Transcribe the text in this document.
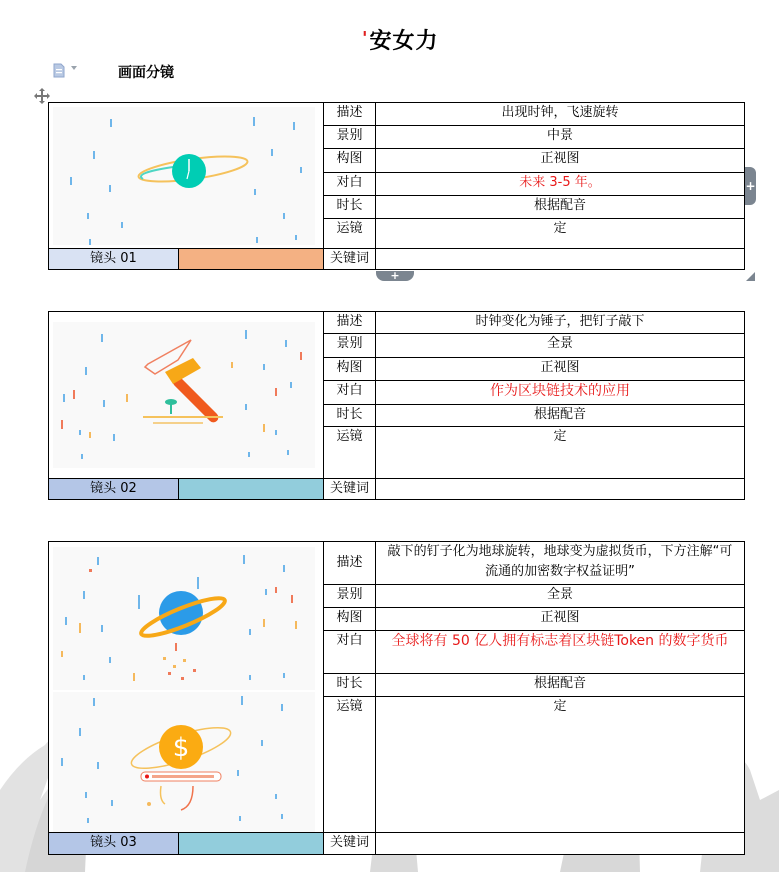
'安女力
画面分镜
	描述	出现时钟，飞速旋转
		景别	中景
		构图	正视图
		对白	未来 3-5 年。
		时长	根据配音
		运镜	定
镜头 01		关键词	
+
+
	描述	时钟变化为锤子，把钉子敲下
		景别	全景
		构图	正视图
		对白	作为区块链技术的应用
		时长	根据配音
		运镜	定
镜头 02		关键词	
$		描述	敲下的钉子化为地球旋转，地球变为虚拟货币，下方注解“可流通的加密数字权益证明”
		景别	全景
		构图	正视图
		对白	全球将有 50 亿人拥有标志着区块链Token 的数字货币
		时长	根据配音
		运镜	定
镜头 03		关键词	
